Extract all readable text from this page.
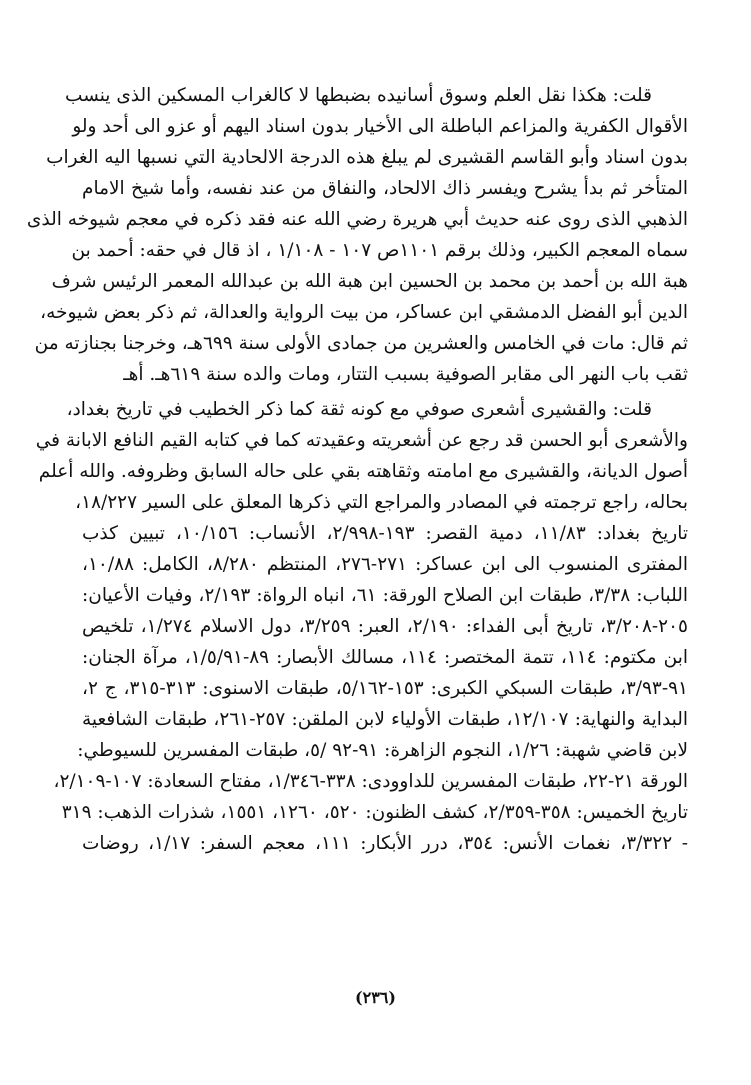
قلت: هكذا نقل العلم وسوق أسانيده بضبطها لا كالغراب المسكين الذى ينسب
الأقوال الكفرية والمزاعم الباطلة الى الأخيار بدون اسناد اليهم أو عزو الى أحد ولو
بدون اسناد وأبو القاسم القشيرى لم يبلغ هذه الدرجة الالحادية التي نسبها اليه الغراب
المتأخر ثم بدأ يشرح ويفسر ذاك الالحاد، والنفاق من عند نفسه، وأما شيخ الامام
الذهبي الذى روى عنه حديث أبي هريرة رضي الله عنه فقد ذكره في معجم شيوخه الذى
سماه المعجم الكبير، وذلك برقم ١١٠١ص ١٠٧ - ١/١٠٨ ، اذ قال في حقه: أحمد بن
هبة الله بن أحمد بن محمد بن الحسين ابن هبة الله بن عبدالله المعمر الرئيس شرف
الدين أبو الفضل الدمشقي ابن عساكر، من بيت الرواية والعدالة، ثم ذكر بعض شيوخه،
ثم قال: مات في الخامس والعشرين من جمادى الأولى سنة ٦٩٩هـ، وخرجنا بجنازته من
ثقب باب النهر الى مقابر الصوفية بسبب التتار، ومات والده سنة ٦١٩هـ. أهـ
قلت: والقشيرى أشعرى صوفي مع كونه ثقة كما ذكر الخطيب في تاريخ بغداد،
والأشعرى أبو الحسن قد رجع عن أشعريته وعقيدته كما في كتابه القيم النافع الابانة في
أصول الديانة، والقشيرى مع امامته وثقاهته بقي على حاله السابق وظروفه. والله أعلم
بحاله، راجع ترجمته في المصادر والمراجع التي ذكرها المعلق على السير ١٨/٢٢٧،
تاريخ بغداد: ١١/٨٣، دمية القصر: ١٩٣-٢/٩٩٨، الأنساب: ١٠/١٥٦، تبيين كذب
المفترى المنسوب الى ابن عساكر: ٢٧١-٢٧٦، المنتظم ٨/٢٨٠، الكامل: ١٠/٨٨،
اللباب: ٣/٣٨، طبقات ابن الصلاح الورقة: ٦١، انباه الرواة: ٢/١٩٣، وفيات الأعيان:
٢٠٥-٣/٢٠٨، تاريخ أبى الفداء: ٢/١٩٠، العبر: ٣/٢٥٩، دول الاسلام ١/٢٧٤، تلخيص
ابن مكتوم: ١١٤، تتمة المختصر: ١١٤، مسالك الأبصار: ٨٩-١/٥/٩١، مرآة الجنان:
٩١-٣/٩٣، طبقات السبكي الكبرى: ١٥٣-٥/١٦٢، طبقات الاسنوى: ٣١٣-٣١٥، ج ٢،
البداية والنهاية: ١٢/١٠٧، طبقات الأولياء لابن الملقن: ٢٥٧-٢٦١، طبقات الشافعية
لابن قاضي شهبة: ١/٢٦، النجوم الزاهرة: ٩١-٩٢ /٥، طبقات المفسرين للسيوطي:
الورقة ٢١-٢٢، طبقات المفسرين للداوودى: ٣٣٨-١/٣٤٦، مفتاح السعادة: ١٠٧-٢/١٠٩،
تاريخ الخميس: ٣٥٨-٢/٣٥٩، كشف الظنون: ٥٢٠، ١٢٦٠، ١٥٥١، شذرات الذهب: ٣١٩
- ٣/٣٢٢، نغمات الأنس: ٣٥٤، درر الأبكار: ١١١، معجم السفر: ١/١٧، روضات
(٢٣٦)
